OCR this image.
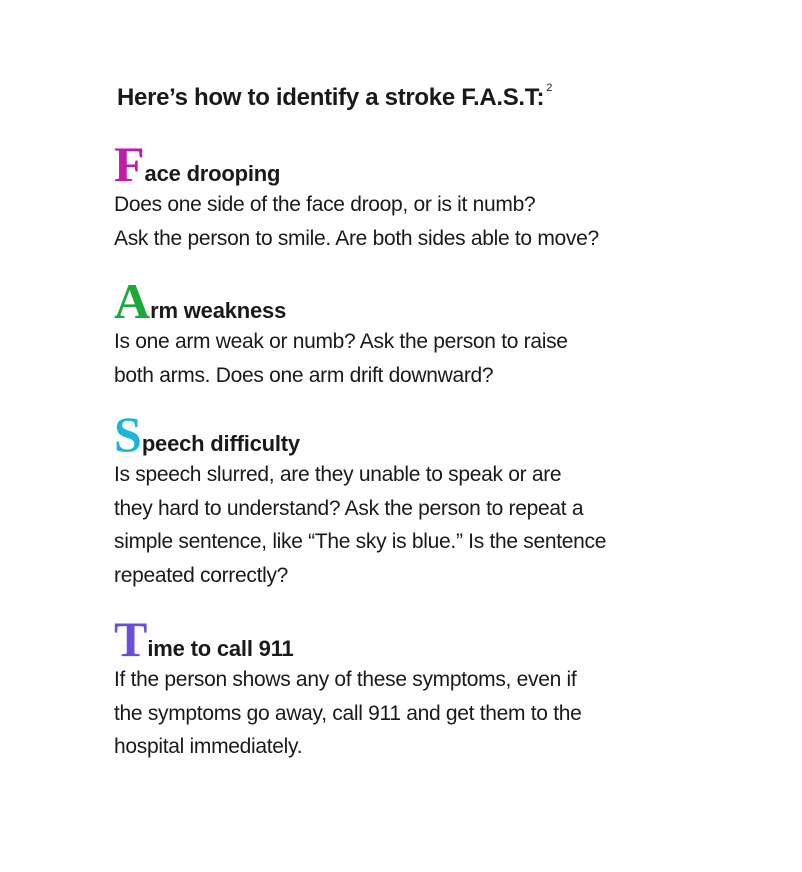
Here’s how to identify a stroke F.A.S.T: $^2$
F ace drooping
Does one side of the face droop, or is it numb?
Ask the person to smile. Are both sides able to move?
A rm weakness
Is one arm weak or numb? Ask the person to raise
both arms. Does one arm drift downward?
S peech difficulty
Is speech slurred, are they unable to speak or are
they hard to understand? Ask the person to repeat a
simple sentence, like “The sky is blue.” Is the sentence
repeated correctly?
T ime to call 911
If the person shows any of these symptoms, even if
the symptoms go away, call 911 and get them to the
hospital immediately.
